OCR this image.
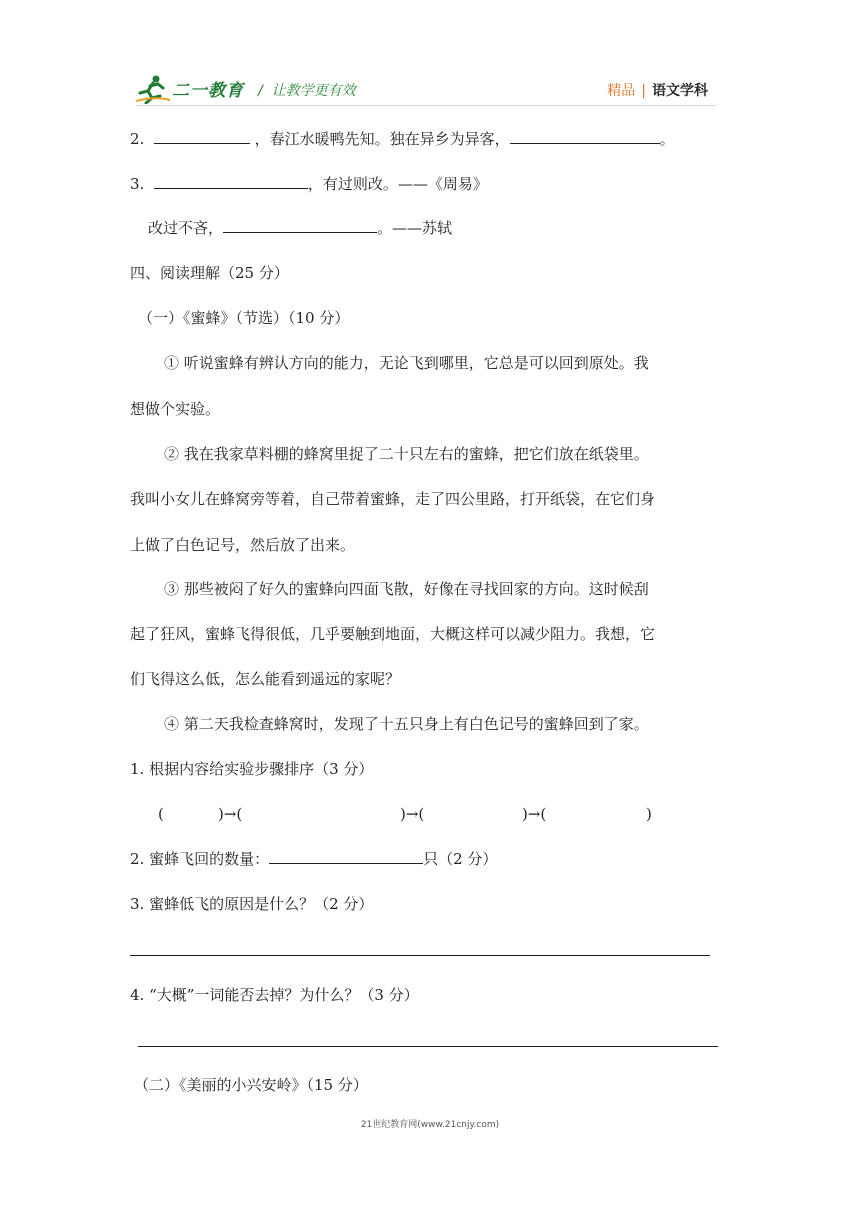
二一教育 / 让教学更有效	精品 | 语文学科
2.	，春江水暖鸭先知。独在异乡为异客，	。
3.	，有过则改。——《周易》
改过不吝，	。——苏轼
四、阅读理解（25 分）
（一）《蜜蜂》（节选）（10 分）
① 听说蜜蜂有辨认方向的能力，无论飞到哪里，它总是可以回到原处。我
想做个实验。
② 我在我家草料棚的蜂窝里捉了二十只左右的蜜蜂，把它们放在纸袋里。
我叫小女儿在蜂窝旁等着，自己带着蜜蜂，走了四公里路，打开纸袋，在它们身
上做了白色记号，然后放了出来。
③ 那些被闷了好久的蜜蜂向四面飞散，好像在寻找回家的方向。这时候刮
起了狂风，蜜蜂飞得很低，几乎要触到地面，大概这样可以减少阻力。我想，它
们飞得这么低，怎么能看到遥远的家呢？
④ 第二天我检查蜂窝时，发现了十五只身上有白色记号的蜜蜂回到了家。
1. 根据内容给实验步骤排序（3 分）
(	)→(	)→(	)→(	)
2. 蜜蜂飞回的数量：	只（2 分）
3. 蜜蜂低飞的原因是什么？（2 分）
4. “大概”一词能否去掉？为什么？（3 分）
（二）《美丽的小兴安岭》（15 分）
21世纪教育网(www.21cnjy.com)
